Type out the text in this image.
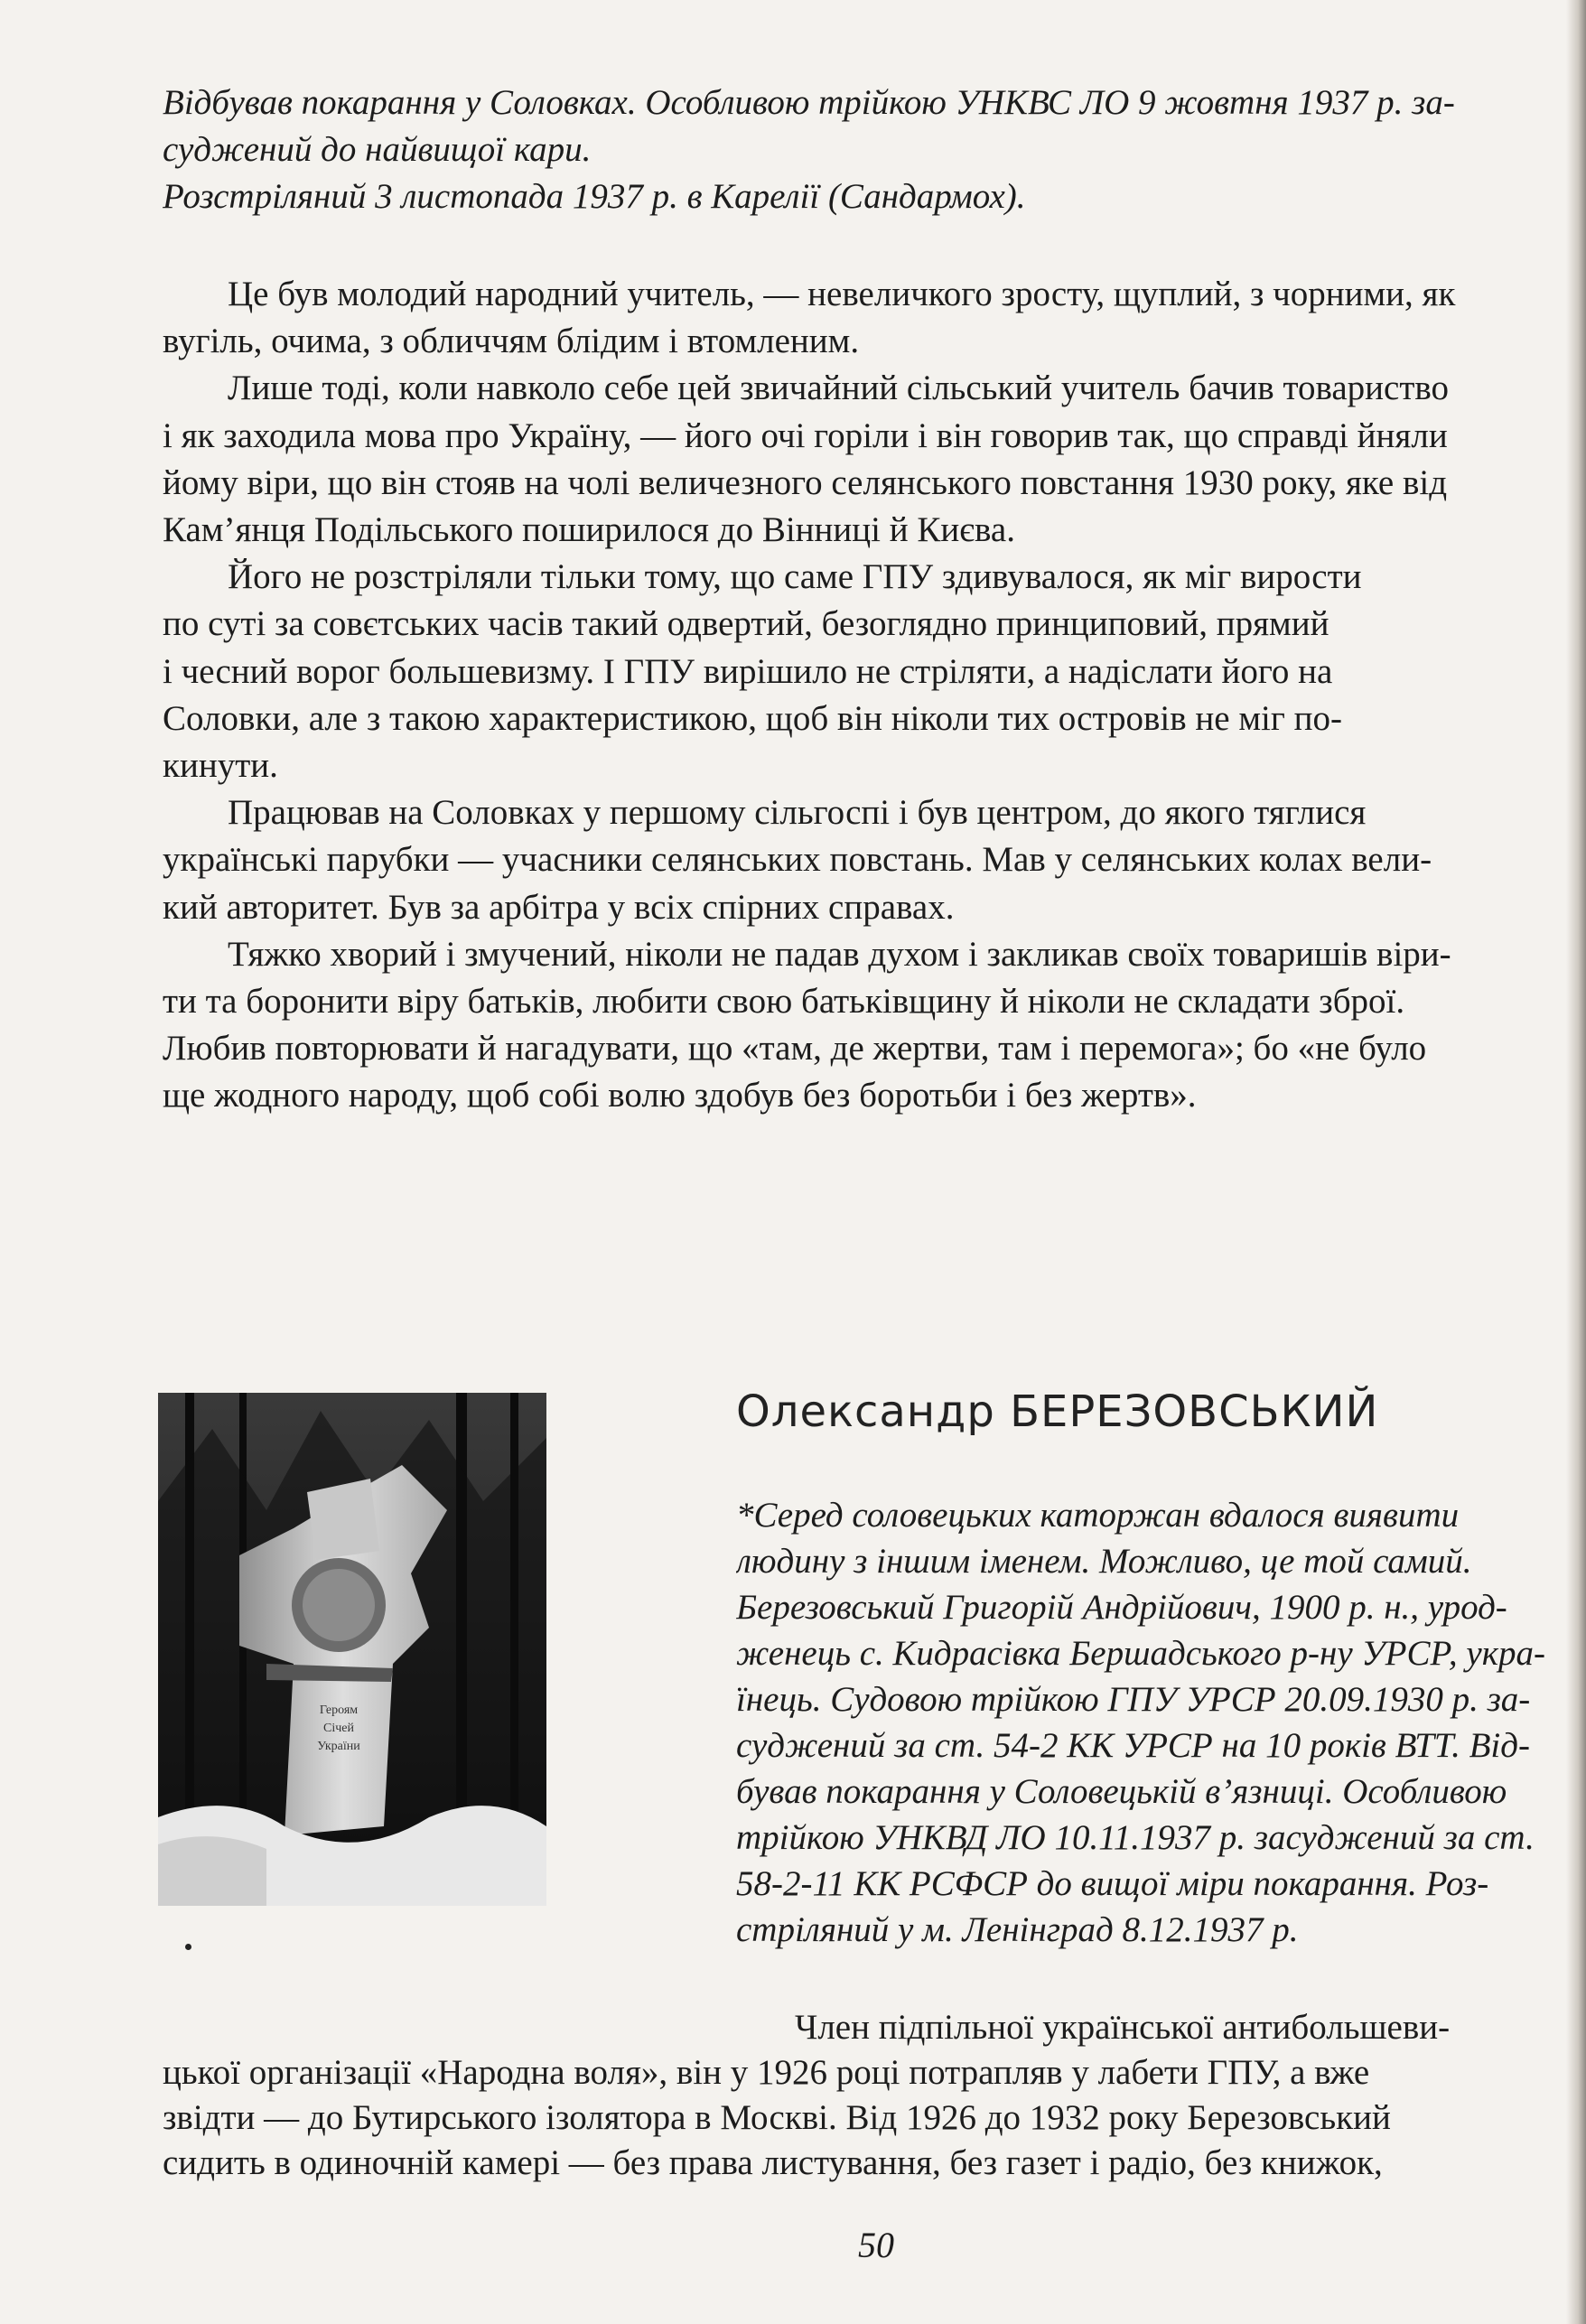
Відбував покарання у Соловках. Особливою трійкою УНКВС ЛО 9 жовтня 1937 р. за-
суджений до найвищої кари.
Розстріляний 3 листопада 1937 р. в Карелії (Сандармох).
Це був молодий народний учитель, — невеличкого зросту, щуплий, з чорними, як
вугіль, очима, з обличчям блідим і втомленим.
Лише тоді, коли навколо себе цей звичайний сільський учитель бачив товариство
і як заходила мова про Україну, — його очі горіли і він говорив так, що справді йняли
йому віри, що він стояв на чолі величезного селянського повстання 1930 року, яке від
Кам’янця Подільського поширилося до Вінниці й Києва.
Його не розстріляли тільки тому, що саме ГПУ здивувалося, як міг вирости
по суті за совєтських часів такий одвертий, безоглядно принциповий, прямий
і чесний ворог большевизму. І ГПУ вирішило не стріляти, а надіслати його на
Соловки, але з такою характеристикою, щоб він ніколи тих островів не міг по-
кинути.
Працював на Соловках у першому сільгоспі і був центром, до якого тяглися
українські парубки — учасники селянських повстань. Мав у селянських колах вели-
кий авторитет. Був за арбітра у всіх спірних справах.
Тяжко хворий і змучений, ніколи не падав духом і закликав своїх товаришів віри-
ти та боронити віру батьків, любити свою батьківщину й ніколи не складати зброї.
Любив повторювати й нагадувати, що «там, де жертви, там і перемога»; бо «не було
ще жодного народу, щоб собі волю здобув без боротьби і без жертв».
Героям
Січей
України
Олександр БЕРЕЗОВСЬКИЙ
*Серед соловецьких каторжан вдалося виявити
людину з іншим іменем. Можливо, це той самий.
Березовський Григорій Андрійович, 1900 р. н., урод-
женець с. Кидрасівка Бершадського р-ну УРСР, укра-
їнець. Судовою трійкою ГПУ УРСР 20.09.1930 р. за-
суджений за ст. 54-2 КК УРСР на 10 років ВТТ. Від-
бував покарання у Соловецькій в’язниці. Особливою
трійкою УНКВД ЛО 10.11.1937 р. засуджений за ст.
58-2-11 КК РСФСР до вищої міри покарання. Роз-
стріляний у м. Ленінград 8.12.1937 р.
Член підпільної української антибольшеви-
цької організації «Народна воля», він у 1926 році потрапляв у лабети ГПУ, а вже
звідти — до Бутирського ізолятора в Москві. Від 1926 до 1932 року Березовський
сидить в одиночній камері — без права листування, без газет і радіо, без книжок,
50
